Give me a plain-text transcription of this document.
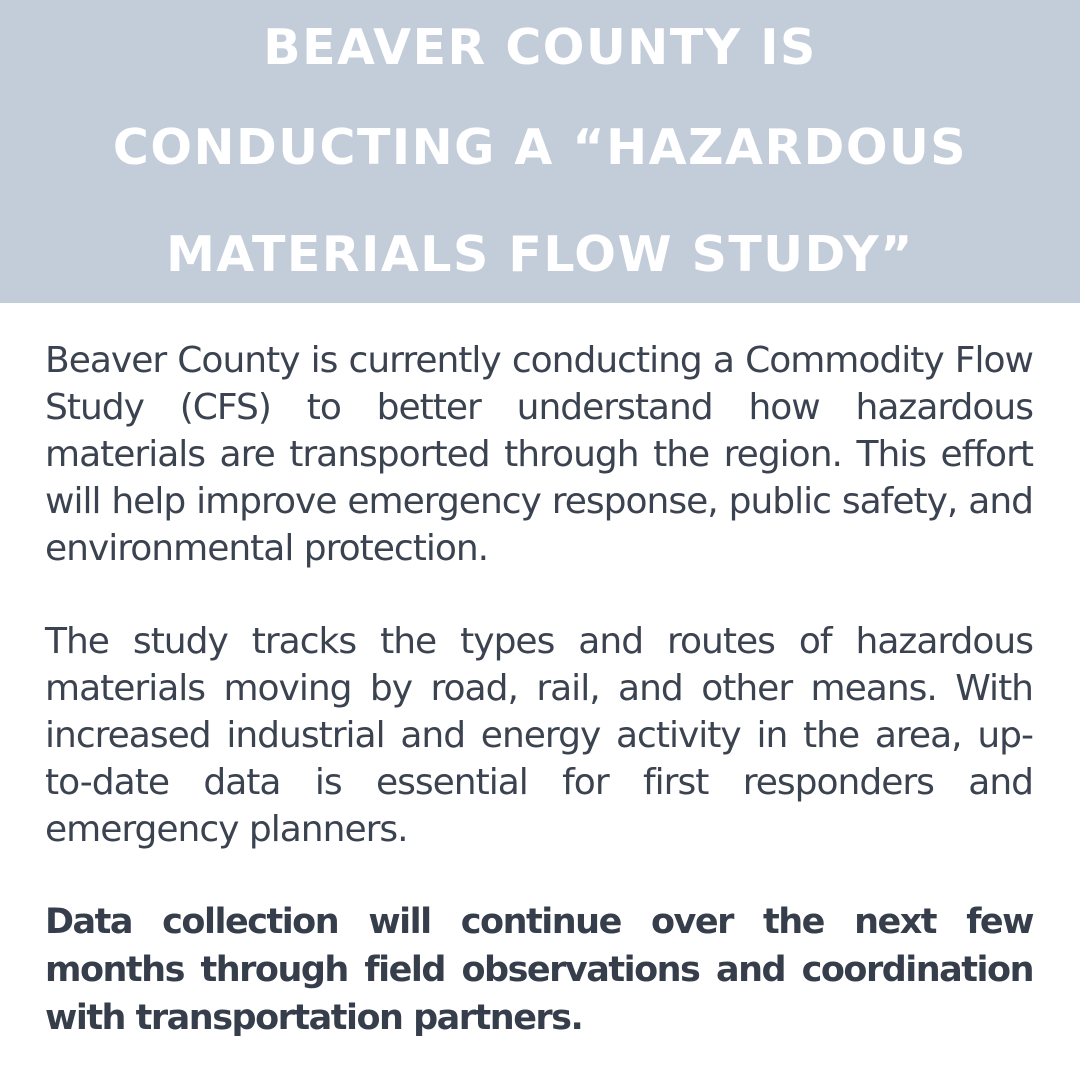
BEAVER COUNTY IS
CONDUCTING A “HAZARDOUS
MATERIALS FLOW STUDY”

Beaver County is currently conducting a Commodity Flow Study (CFS) to better understand how hazardous materials are transported through the region. This effort will help improve emergency response, public safety, and environmental protection.

The study tracks the types and routes of hazardous materials moving by road, rail, and other means. With increased industrial and energy activity in the area, up-to-date data is essential for first responders and emergency planners.

Data collection will continue over the next few months through field observations and coordination with transportation partners.
